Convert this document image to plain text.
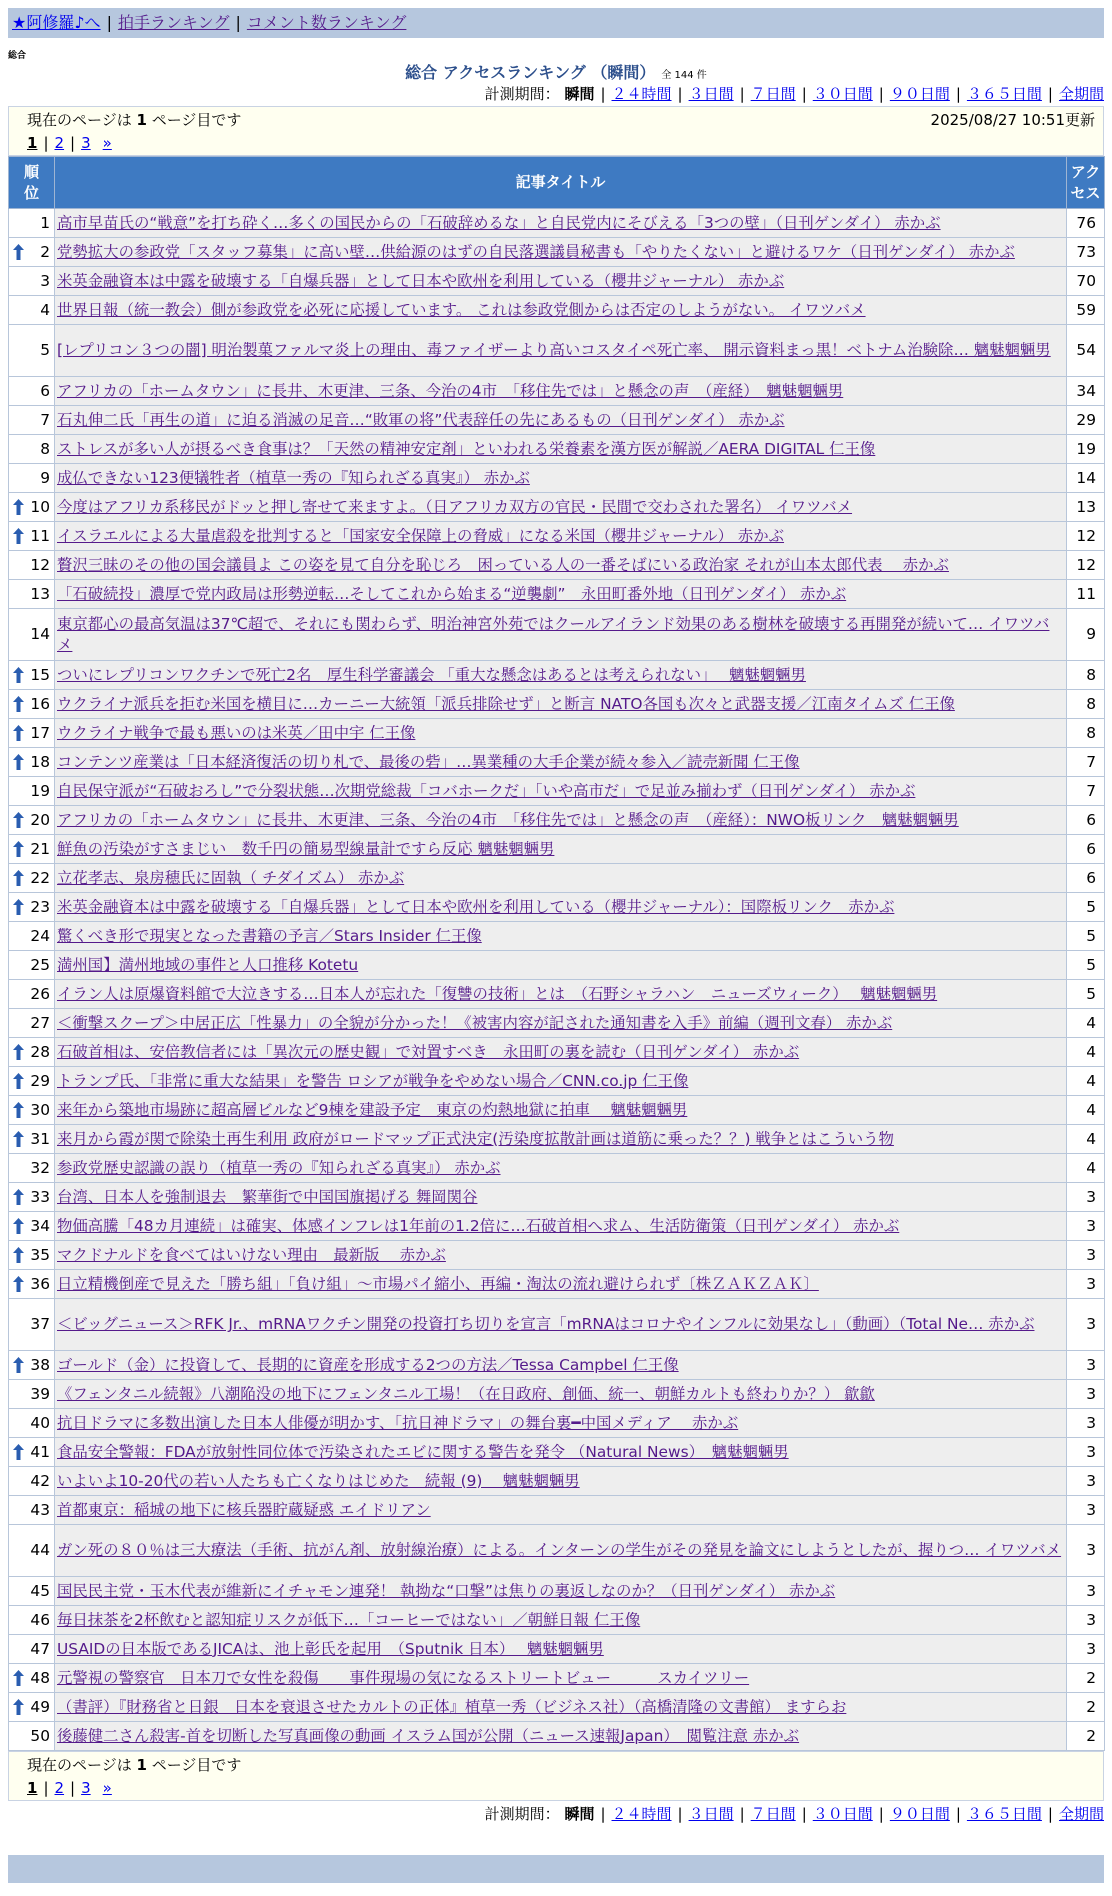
★阿修羅♪へ | 拍手ランキング | コメント数ランキング
総合
総合 アクセスランキング （瞬間） 全 144 件
計測期間： 瞬間 | ２４時間 | ３日間 | ７日間 | ３０日間 | ９０日間 | ３６５日間 | 全期間
現在のページは 1 ページ目です	2025/08/27 10:51更新
1 | 2 | 3 »
順位	記事タイトル	アクセス
1	高市早苗氏の“戦意”を打ち砕く…多くの国民からの「石破辞めるな」と自民党内にそびえる「3つの壁」（日刊ゲンダイ） 赤かぶ	76

2	党勢拡大の参政党「スタッフ募集」に高い壁…供給源のはずの自民落選議員秘書も「やりたくない」と避けるワケ（日刊ゲンダイ） 赤かぶ	73
3	米英金融資本は中露を破壊する「自爆兵器」として日本や欧州を利用している（櫻井ジャーナル） 赤かぶ	70
4	世界日報（統一教会）側が参政党を必死に応援しています。 これは参政党側からは否定のしようがない。 イワツバメ	59
5	[レプリコン３つの闇] 明治製菓ファルマ炎上の理由、毒ファイザーより高いコスタイペ死亡率、 開示資料まっ黒！ベトナム治験除… 魑魅魍魎男	54
6	アフリカの「ホームタウン」に長井、木更津、三条、今治の4市　「移住先では」と懸念の声　（産経）　魑魅魍魎男	34
7	石丸伸二氏「再生の道」に迫る消滅の足音…“敗軍の将”代表辞任の先にあるもの（日刊ゲンダイ） 赤かぶ	29
8	ストレスが多い人が摂るべき食事は？「天然の精神安定剤」といわれる栄養素を漢方医が解説／AERA DIGITAL 仁王像	19
9	成仏できない123便犠牲者（植草一秀の『知られざる真実』） 赤かぶ	14

10	今度はアフリカ系移民がドッと押し寄せて来ますよ。（日アフリカ双方の官民・民間で交わされた署名） イワツバメ	13

11	イスラエルによる大量虐殺を批判すると「国家安全保障上の脅威」になる米国（櫻井ジャーナル） 赤かぶ	12
12	贅沢三昧のその他の国会議員よ この姿を見て自分を恥じろ　困っている人の一番そばにいる政治家 それが山本太郎代表　 赤かぶ	12
13	「石破続投」濃厚で党内政局は形勢逆転…そしてこれから始まる“逆襲劇”　永田町番外地（日刊ゲンダイ） 赤かぶ	11
14	東京都心の最高気温は37℃超で、それにも関わらず、明治神宮外苑ではクールアイランド効果のある樹林を破壊する再開発が続いて… イワツバメ	9

15	ついにレプリコンワクチンで死亡2名　厚生科学審議会 「重大な懸念はあるとは考えられない」　 魑魅魍魎男	8

16	ウクライナ派兵を拒む米国を横目に…カーニー大統領「派兵排除せず」と断言 NATO各国も次々と武器支援／江南タイムズ 仁王像	8

17	ウクライナ戦争で最も悪いのは米英／田中宇 仁王像	8

18	コンテンツ産業は「日本経済復活の切り札で、最後の砦」…異業種の大手企業が続々参入／読売新聞 仁王像	7
19	自民保守派が“石破おろし”で分裂状態…次期党総裁「コバホークだ」「いや高市だ」で足並み揃わず（日刊ゲンダイ） 赤かぶ	7

20	アフリカの「ホームタウン」に長井、木更津、三条、今治の4市　「移住先では」と懸念の声　（産経）：NWO板リンク　魑魅魍魎男	6

21	鮮魚の汚染がすさまじい　数千円の簡易型線量計ですら反応 魑魅魍魎男	6

22	立花孝志、泉房穂氏に固執（ チダイズム） 赤かぶ	6

23	米英金融資本は中露を破壊する「自爆兵器」として日本や欧州を利用している（櫻井ジャーナル）：国際板リンク　赤かぶ	5
24	驚くべき形で現実となった書籍の予言／Stars Insider 仁王像	5
25	満州国】満州地域の事件と人口推移 Kotetu	5
26	イラン人は原爆資料館で大泣きする…日本人が忘れた「復讐の技術」とは　（石野シャラハン　ニューズウィーク）　 魑魅魍魎男	5
27	＜衝撃スクープ＞中居正広「性暴力」の全貌が分かった！《被害内容が記された通知書を入手》前編（週刊文春） 赤かぶ	4

28	石破首相は、安倍教信者には「異次元の歴史観」で対置すべき　永田町の裏を読む（日刊ゲンダイ） 赤かぶ	4

29	トランプ氏、「非常に重大な結果」を警告 ロシアが戦争をやめない場合／CNN.co.jp 仁王像	4

30	来年から築地市場跡に超高層ビルなど9棟を建設予定　東京の灼熱地獄に拍車　 魑魅魍魎男	4

31	来月から霞が関で除染土再生利用 政府がロードマップ正式決定(汚染度拡散計画は道筋に乗った？？) 戦争とはこういう物	4
32	参政党歴史認識の誤り（植草一秀の『知られざる真実』） 赤かぶ	4

33	台湾、日本人を強制退去　繁華街で中国国旗掲げる 舞岡関谷	3

34	物価高騰「48カ月連続」は確実、体感インフレは1年前の1.2倍に…石破首相へ求ム、生活防衛策（日刊ゲンダイ） 赤かぶ	3

35	マクドナルドを食べてはいけない理由　最新版　 赤かぶ	3

36	日立精機倒産で見えた「勝ち組」「負け組」～市場パイ縮小、再編・淘汰の流れ避けられず〔株ＺＡＫＺＡＫ〕	3
37	＜ビッグニュース＞RFK Jr.、mRNAワクチン開発の投資打ち切りを宣言「mRNAはコロナやインフルに効果なし」（動画）（Total Ne… 赤かぶ	3

38	ゴールド（金）に投資して、長期的に資産を形成する2つの方法／Tessa Campbel 仁王像	3
39	《フェンタニル続報》八潮陥没の地下にフェンタニル工場！（在日政府、創価、統一、朝鮮カルトも終わりか？） 歙歙	3
40	抗日ドラマに多数出演した日本人俳優が明かす、「抗日神ドラマ」の舞台裏━中国メディア　 赤かぶ	3

41	食品安全警報：FDAが放射性同位体で汚染されたエビに関する警告を発令 （Natural News）　魑魅魍魎男	3
42	いよいよ10-20代の若い人たちも亡くなりはじめた　続報 (9)　 魑魅魍魎男	3
43	首都東京：稲城の地下に核兵器貯蔵疑惑 エイドリアン	3
44	ガン死の８０％は三大療法（手術、抗がん剤、放射線治療）による。インターンの学生がその発見を論文にしようとしたが、握りつ… イワツバメ	3
45	国民民主党・玉木代表が維新にイチャモン連発！ 執拗な“口撃”は焦りの裏返しなのか？（日刊ゲンダイ） 赤かぶ	3
46	毎日抹茶を2杯飲むと認知症リスクが低下…「コーヒーではない」／朝鮮日報 仁王像	3
47	USAIDの日本版であるJICAは、池上彰氏を起用　（Sputnik 日本）　 魑魅魍魎男	3

48	元警視の警察官　日本刀で女性を殺傷　　事件現場の気になるストリートビュー　　　スカイツリー	2

49	（書評）『財務省と日銀　日本を衰退させたカルトの正体』植草一秀（ビジネス社）（高橋清隆の文書館） ますらお	2
50	後藤健二さん殺害-首を切断した写真画像の動画 イスラム国が公開（ニュース速報Japan）　閲覧注意 赤かぶ	2
現在のページは 1 ページ目です
1 | 2 | 3 »
計測期間： 瞬間 | ２４時間 | ３日間 | ７日間 | ３０日間 | ９０日間 | ３６５日間 | 全期間
